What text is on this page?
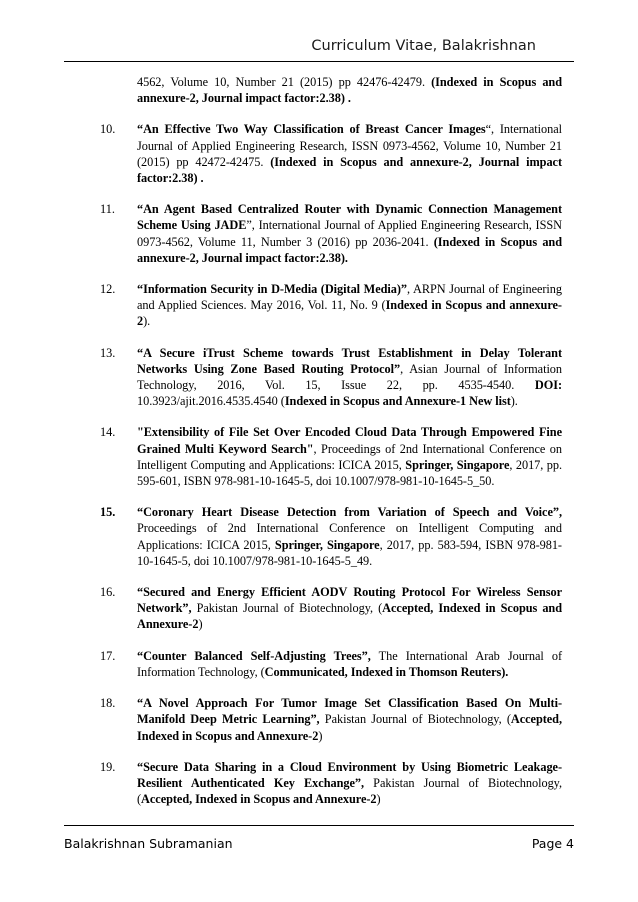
Curriculum Vitae, Balakrishnan
4562, Volume 10, Number 21 (2015) pp 42476-42479. (Indexed in Scopus and annexure-2, Journal impact factor:2.38) .
10.	“An Effective Two Way Classification of Breast Cancer Images“, International Journal of Applied Engineering Research, ISSN 0973-4562, Volume 10, Number 21 (2015) pp 42472-42475. (Indexed in Scopus and annexure-2, Journal impact factor:2.38) .
11.	“An Agent Based Centralized Router with Dynamic Connection Management Scheme Using JADE”, International Journal of Applied Engineering Research, ISSN 0973-4562, Volume 11, Number 3 (2016) pp 2036-2041. (Indexed in Scopus and annexure-2, Journal impact factor:2.38).
12.	“Information Security in D-Media (Digital Media)”, ARPN Journal of Engineering and Applied Sciences. May 2016, Vol. 11, No. 9 (Indexed in Scopus and annexure-2).
13.	“A Secure iTrust Scheme towards Trust Establishment in Delay Tolerant Networks Using Zone Based Routing Protocol”, Asian Journal of Information Technology, 2016, Vol. 15, Issue 22, pp. 4535-4540. DOI: 10.3923/ajit.2016.4535.4540 (Indexed in Scopus and Annexure-1 New list).
14.	"Extensibility of File Set Over Encoded Cloud Data Through Empowered Fine Grained Multi Keyword Search", Proceedings of 2nd International Conference on Intelligent Computing and Applications: ICICA 2015, Springer, Singapore, 2017, pp. 595-601, ISBN 978-981-10-1645-5, doi 10.1007/978-981-10-1645-5_50.
15.	“Coronary Heart Disease Detection from Variation of Speech and Voice”, Proceedings of 2nd International Conference on Intelligent Computing and Applications: ICICA 2015, Springer, Singapore, 2017, pp. 583-594, ISBN 978-981-10-1645-5, doi 10.1007/978-981-10-1645-5_49.
16.	“Secured and Energy Efficient AODV Routing Protocol For Wireless Sensor Network”, Pakistan Journal of Biotechnology, (Accepted, Indexed in Scopus and Annexure-2)
17.	“Counter Balanced Self-Adjusting Trees”, The International Arab Journal of Information Technology, (Communicated, Indexed in Thomson Reuters).
18.	“A Novel Approach For Tumor Image Set Classification Based On Multi-Manifold Deep Metric Learning”, Pakistan Journal of Biotechnology, (Accepted, Indexed in Scopus and Annexure-2)
19.	“Secure Data Sharing in a Cloud Environment by Using Biometric Leakage-Resilient Authenticated Key Exchange”, Pakistan Journal of Biotechnology, (Accepted, Indexed in Scopus and Annexure-2)
Balakrishnan Subramanian	Page 4
